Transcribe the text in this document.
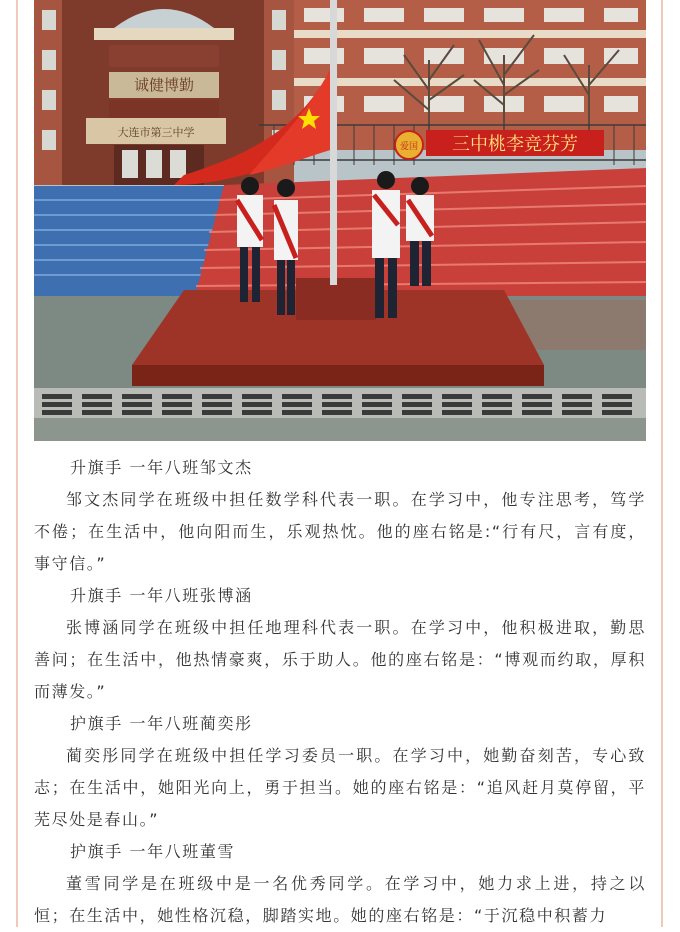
诚健博勤
大连市第三中学
爱国 三中桃李竞芬芳

升旗手 一年八班邹文杰

邹文杰同学在班级中担任数学科代表一职。在学习中，他专注思考，笃学不倦；在生活中，他向阳而生，乐观热忱。他的座右铭是:“行有尺，言有度，事守信。”

升旗手 一年八班张博涵

张博涵同学在班级中担任地理科代表一职。在学习中，他积极进取，勤思善问；在生活中，他热情豪爽，乐于助人。他的座右铭是：“博观而约取，厚积而薄发。”

护旗手 一年八班蔺奕彤

蔺奕彤同学在班级中担任学习委员一职。在学习中，她勤奋刻苦，专心致志；在生活中，她阳光向上，勇于担当。她的座右铭是：“追风赶月莫停留，平芜尽处是春山。”

护旗手 一年八班董雪

董雪同学是在班级中是一名优秀同学。在学习中，她力求上进，持之以恒；在生活中，她性格沉稳，脚踏实地。她的座右铭是：“于沉稳中积蓄力
